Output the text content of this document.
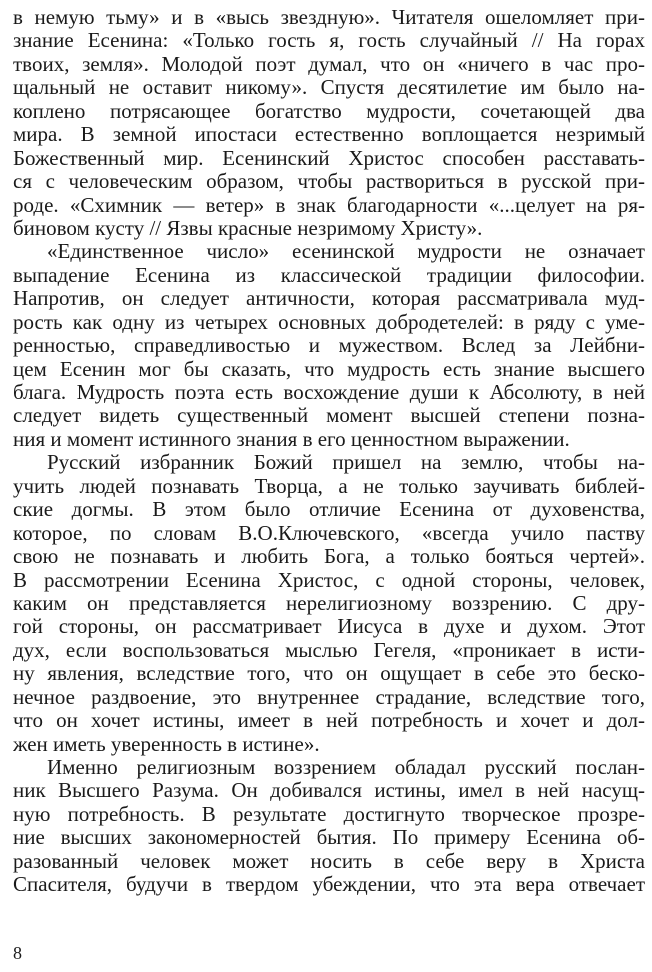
в немую тьму» и в «высь звездную». Читателя ошеломляет при-
знание Есенина: «Только гость я, гость случайный // На горах
твоих, земля». Молодой поэт думал, что он «ничего в час про-
щальный не оставит никому». Спустя десятилетие им было на-
коплено потрясающее богатство мудрости, сочетающей два
мира. В земной ипостаси естественно воплощается незримый
Божественный мир. Есенинский Христос способен расставать-
ся с человеческим образом, чтобы раствориться в русской при-
роде. «Схимник — ветер» в знак благодарности «...целует на ря-
биновом кусту // Язвы красные незримому Христу».
«Единственное число» есенинской мудрости не означает
выпадение Есенина из классической традиции философии.
Напротив, он следует античности, которая рассматривала муд-
рость как одну из четырех основных добродетелей: в ряду с уме-
ренностью, справедливостью и мужеством. Вслед за Лейбни-
цем Есенин мог бы сказать, что мудрость есть знание высшего
блага. Мудрость поэта есть восхождение души к Абсолюту, в ней
следует видеть существенный момент высшей степени позна-
ния и момент истинного знания в его ценностном выражении.
Русский избранник Божий пришел на землю, чтобы на-
учить людей познавать Творца, а не только заучивать библей-
ские догмы. В этом было отличие Есенина от духовенства,
которое, по словам В.О.Ключевского, «всегда учило паству
свою не познавать и любить Бога, а только бояться чертей».
В рассмотрении Есенина Христос, с одной стороны, человек,
каким он представляется нерелигиозному воззрению. С дру-
гой стороны, он рассматривает Иисуса в духе и духом. Этот
дух, если воспользоваться мыслью Гегеля, «проникает в исти-
ну явления, вследствие того, что он ощущает в себе это беско-
нечное раздвоение, это внутреннее страдание, вследствие того,
что он хочет истины, имеет в ней потребность и хочет и дол-
жен иметь уверенность в истине».
Именно религиозным воззрением обладал русский послан-
ник Высшего Разума. Он добивался истины, имел в ней насущ-
ную потребность. В результате достигнуто творческое прозре-
ние высших закономерностей бытия. По примеру Есенина об-
разованный человек может носить в себе веру в Христа
Спасителя, будучи в твердом убеждении, что эта вера отвечает
8
